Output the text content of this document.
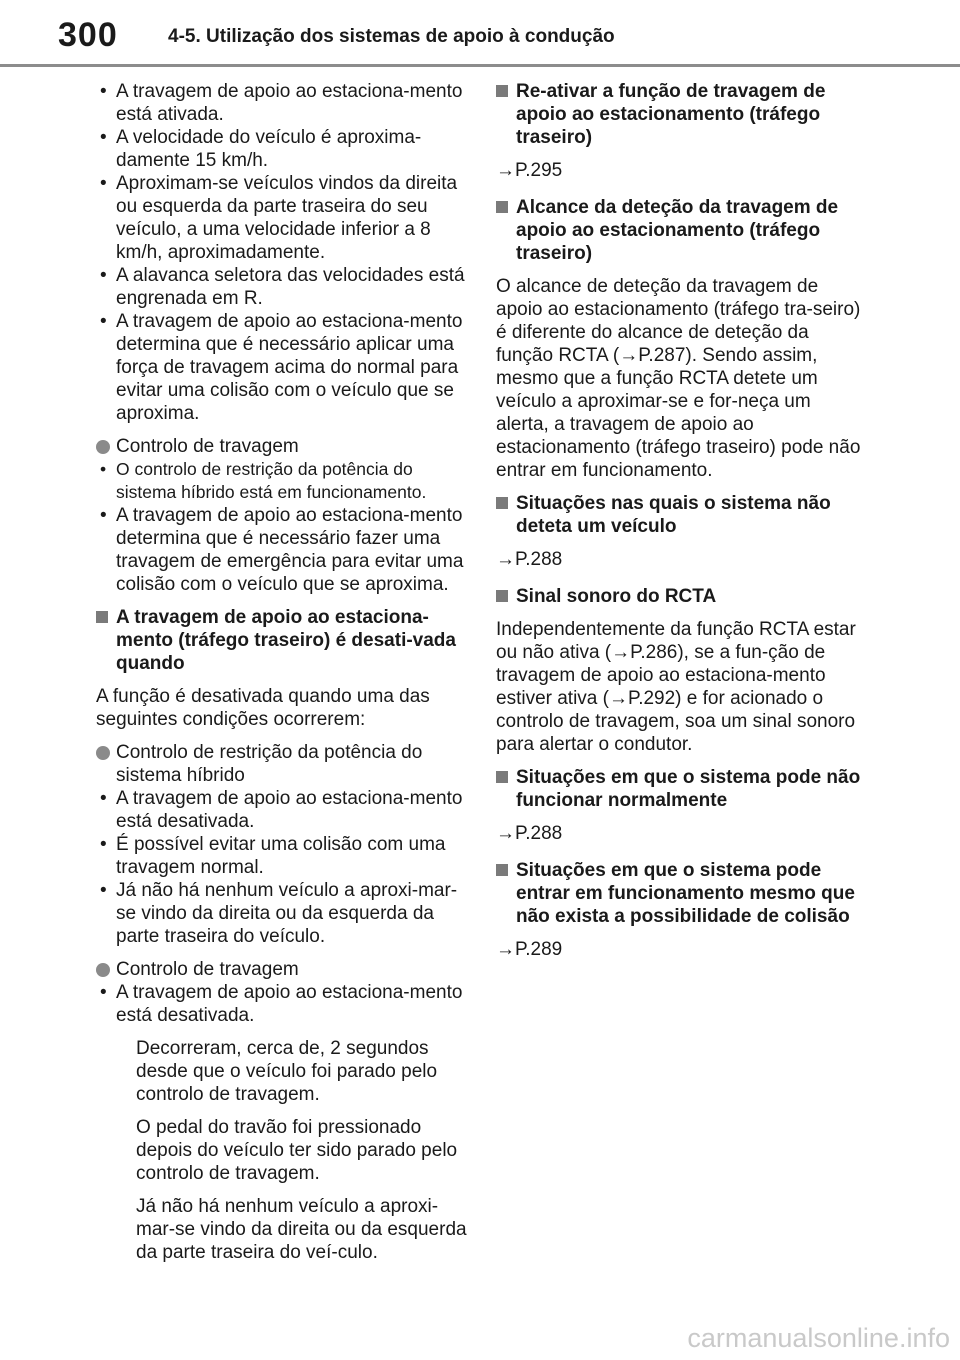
300	4-5. Utilização dos sistemas de apoio à condução
• A travagem de apoio ao estaciona-mento está ativada.
• A velocidade do veículo é aproxima-damente 15 km/h.
• Aproximam-se veículos vindos da direita ou esquerda da parte traseira do seu veículo, a uma velocidade inferior a 8 km/h, aproximadamente.
• A alavanca seletora das velocidades está engrenada em R.
• A travagem de apoio ao estaciona-mento determina que é necessário aplicar uma força de travagem acima do normal para evitar uma colisão com o veículo que se aproxima.
Controlo de travagem
• O controlo de restrição da potência do sistema híbrido está em funcionamento.
• A travagem de apoio ao estaciona-mento determina que é necessário fazer uma travagem de emergência para evitar uma colisão com o veículo que se aproxima.
A travagem de apoio ao estaciona-mento (tráfego traseiro) é desati-vada quando

A função é desativada quando uma das seguintes condições ocorrerem:

Controlo de restrição da potência do sistema híbrido
• A travagem de apoio ao estaciona-mento está desativada.
• É possível evitar uma colisão com uma travagem normal.
• Já não há nenhum veículo a aproxi-mar-se vindo da direita ou da esquerda da parte traseira do veículo.
Controlo de travagem
• A travagem de apoio ao estaciona-mento está desativada.

Decorreram, cerca de, 2 segundos desde que o veículo foi parado pelo controlo de travagem.

O pedal do travão foi pressionado depois do veículo ter sido parado pelo controlo de travagem.

Já não há nenhum veículo a aproxi-mar-se vindo da direita ou da esquerda da parte traseira do veí-culo.

Re-ativar a função de travagem de apoio ao estacionamento (tráfego traseiro)

→P.295

Alcance da deteção da travagem de apoio ao estacionamento (tráfego traseiro)

O alcance de deteção da travagem de apoio ao estacionamento (tráfego tra-seiro) é diferente do alcance de deteção da função RCTA (→P.287). Sendo assim, mesmo que a função RCTA detete um veículo a aproximar-se e for-neça um alerta, a travagem de apoio ao estacionamento (tráfego traseiro) pode não entrar em funcionamento.

Situações nas quais o sistema não deteta um veículo

→P.288

Sinal sonoro do RCTA

Independentemente da função RCTA estar ou não ativa (→P.286), se a fun-ção de travagem de apoio ao estaciona-mento estiver ativa (→P.292) e for acionado o controlo de travagem, soa um sinal sonoro para alertar o condutor.

Situações em que o sistema pode não funcionar normalmente

→P.288

Situações em que o sistema pode entrar em funcionamento mesmo que não exista a possibilidade de colisão

→P.289

carmanualsonline.info
